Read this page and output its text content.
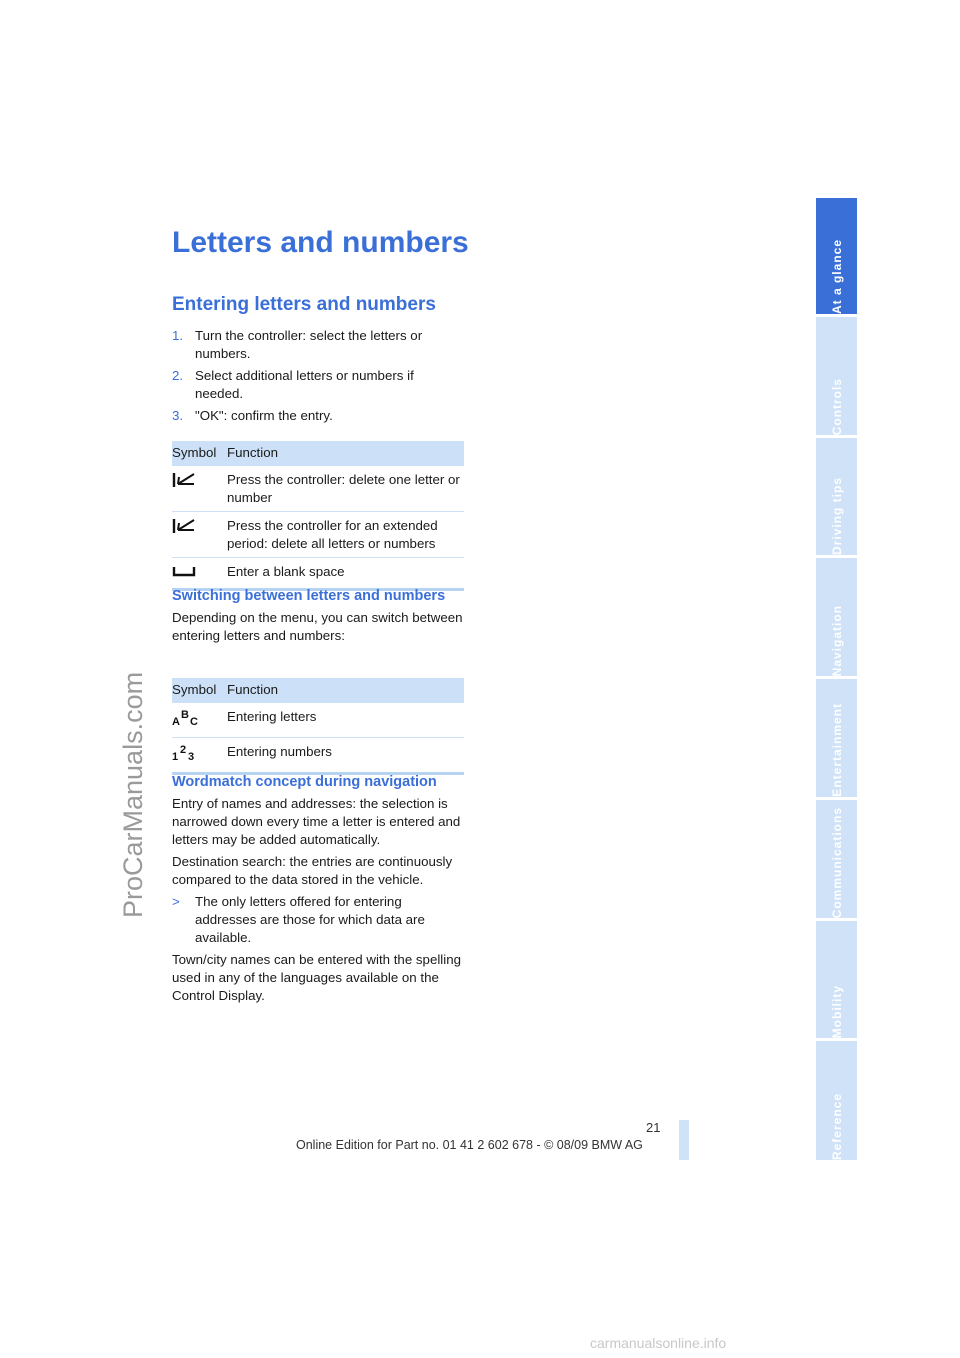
ProCarManuals.com
Letters and numbers
Entering letters and numbers
1. Turn the controller: select the letters or numbers.
2. Select additional letters or numbers if needed.
3. "OK": confirm the entry.
Symbol	Function
	Press the controller: delete one letter or number
	Press the controller for an extended period: delete all letters or numbers
	Enter a blank space
Switching between letters and numbers

Depending on the menu, you can switch between entering letters and numbers:

Symbol	Function

A
B
C	Entering letters

1
2
3	Entering numbers
Wordmatch concept during navigation

Entry of names and addresses: the selection is narrowed down every time a letter is entered and letters may be added automatically.

Destination search: the entries are continuously compared to the data stored in the vehicle.

> The only letters offered for entering addresses are those for which data are available.

Town/city names can be entered with the spelling used in any of the languages available on the Control Display.

At a glance
Controls
Driving tips
Navigation
Entertainment
Communications
Mobility
Reference
21
Online Edition for Part no. 01 41 2 602 678 - © 08/09 BMW AG
carmanualsonline.info
